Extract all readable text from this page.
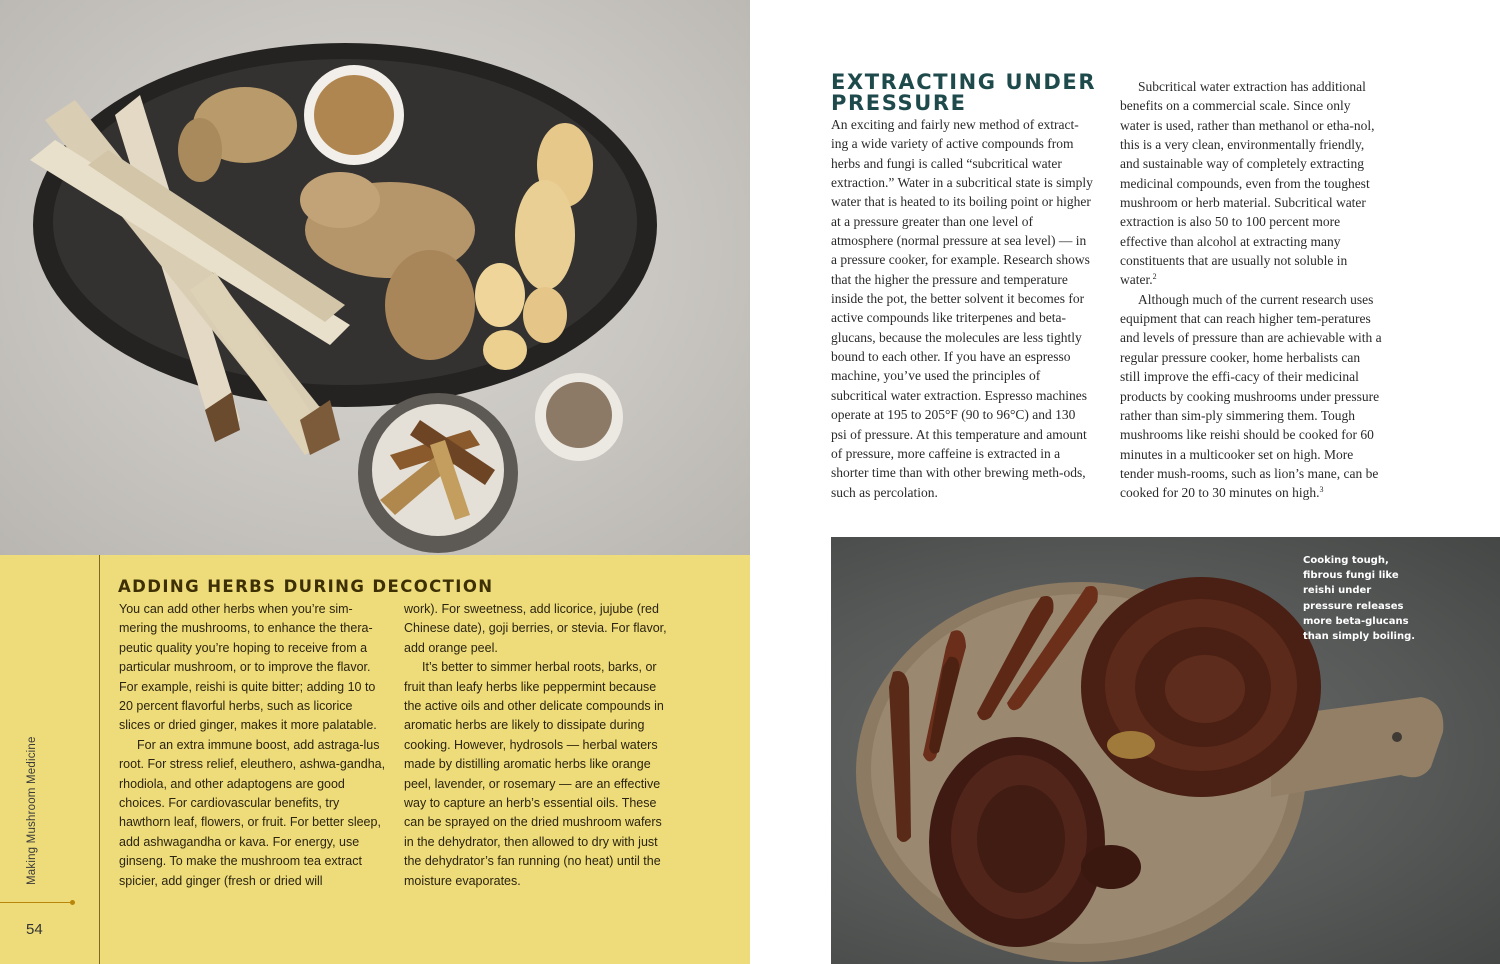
Making Mushroom Medicine
54
ADDING HERBS DURING DECOCTION

You can add other herbs when you’re sim-mering the mushrooms, to enhance the thera-peutic quality you’re hoping to receive from a particular mushroom, or to improve the flavor. For example, reishi is quite bitter; adding 10 to 20 percent flavorful herbs, such as licorice slices or dried ginger, makes it more palatable.

For an extra immune boost, add astraga-lus root. For stress relief, eleuthero, ashwa-gandha, rhodiola, and other adaptogens are good choices. For cardiovascular benefits, try hawthorn leaf, flowers, or fruit. For better sleep, add ashwagandha or kava. For energy, use ginseng. To make the mushroom tea extract spicier, add ginger (fresh or dried will

work). For sweetness, add licorice, jujube (red Chinese date), goji berries, or stevia. For flavor, add orange peel.

It’s better to simmer herbal roots, barks, or fruit than leafy herbs like peppermint because the active oils and other delicate compounds in aromatic herbs are likely to dissipate during cooking. However, hydrosols — herbal waters made by distilling aromatic herbs like orange peel, lavender, or rosemary — are an effective way to capture an herb’s essential oils. These can be sprayed on the dried mushroom wafers in the dehydrator, then allowed to dry with just the dehydrator’s fan running (no heat) until the moisture evaporates.

EXTRACTING UNDER PRESSURE

An exciting and fairly new method of extract-ing a wide variety of active compounds from herbs and fungi is called “subcritical water extraction.” Water in a subcritical state is simply water that is heated to its boiling point or higher at a pressure greater than one level of atmosphere (normal pressure at sea level) — in a pressure cooker, for example. Research shows that the higher the pressure and temperature inside the pot, the better solvent it becomes for active compounds like triterpenes and beta-glucans, because the molecules are less tightly bound to each other. If you have an espresso machine, you’ve used the principles of subcritical water extraction. Espresso machines operate at 195 to 205°F (90 to 96°C) and 130 psi of pressure. At this temperature and amount of pressure, more caffeine is extracted in a shorter time than with other brewing meth-ods, such as percolation.

Subcritical water extraction has additional benefits on a commercial scale. Since only water is used, rather than methanol or etha-nol, this is a very clean, environmentally friendly, and sustainable way of completely extracting medicinal compounds, even from the toughest mushroom or herb material. Subcritical water extraction is also 50 to 100 percent more effective than alcohol at extracting many constituents that are usually not soluble in water.$^2$

Although much of the current research uses equipment that can reach higher tem-peratures and levels of pressure than are achievable with a regular pressure cooker, home herbalists can still improve the effi-cacy of their medicinal products by cooking mushrooms under pressure rather than sim-ply simmering them. Tough mushrooms like reishi should be cooked for 60 minutes in a multicooker set on high. More tender mush-rooms, such as lion’s mane, can be cooked for 20 to 30 minutes on high.$^3$

Cooking tough, fibrous fungi like reishi under pressure releases more beta-glucans than simply boiling.
